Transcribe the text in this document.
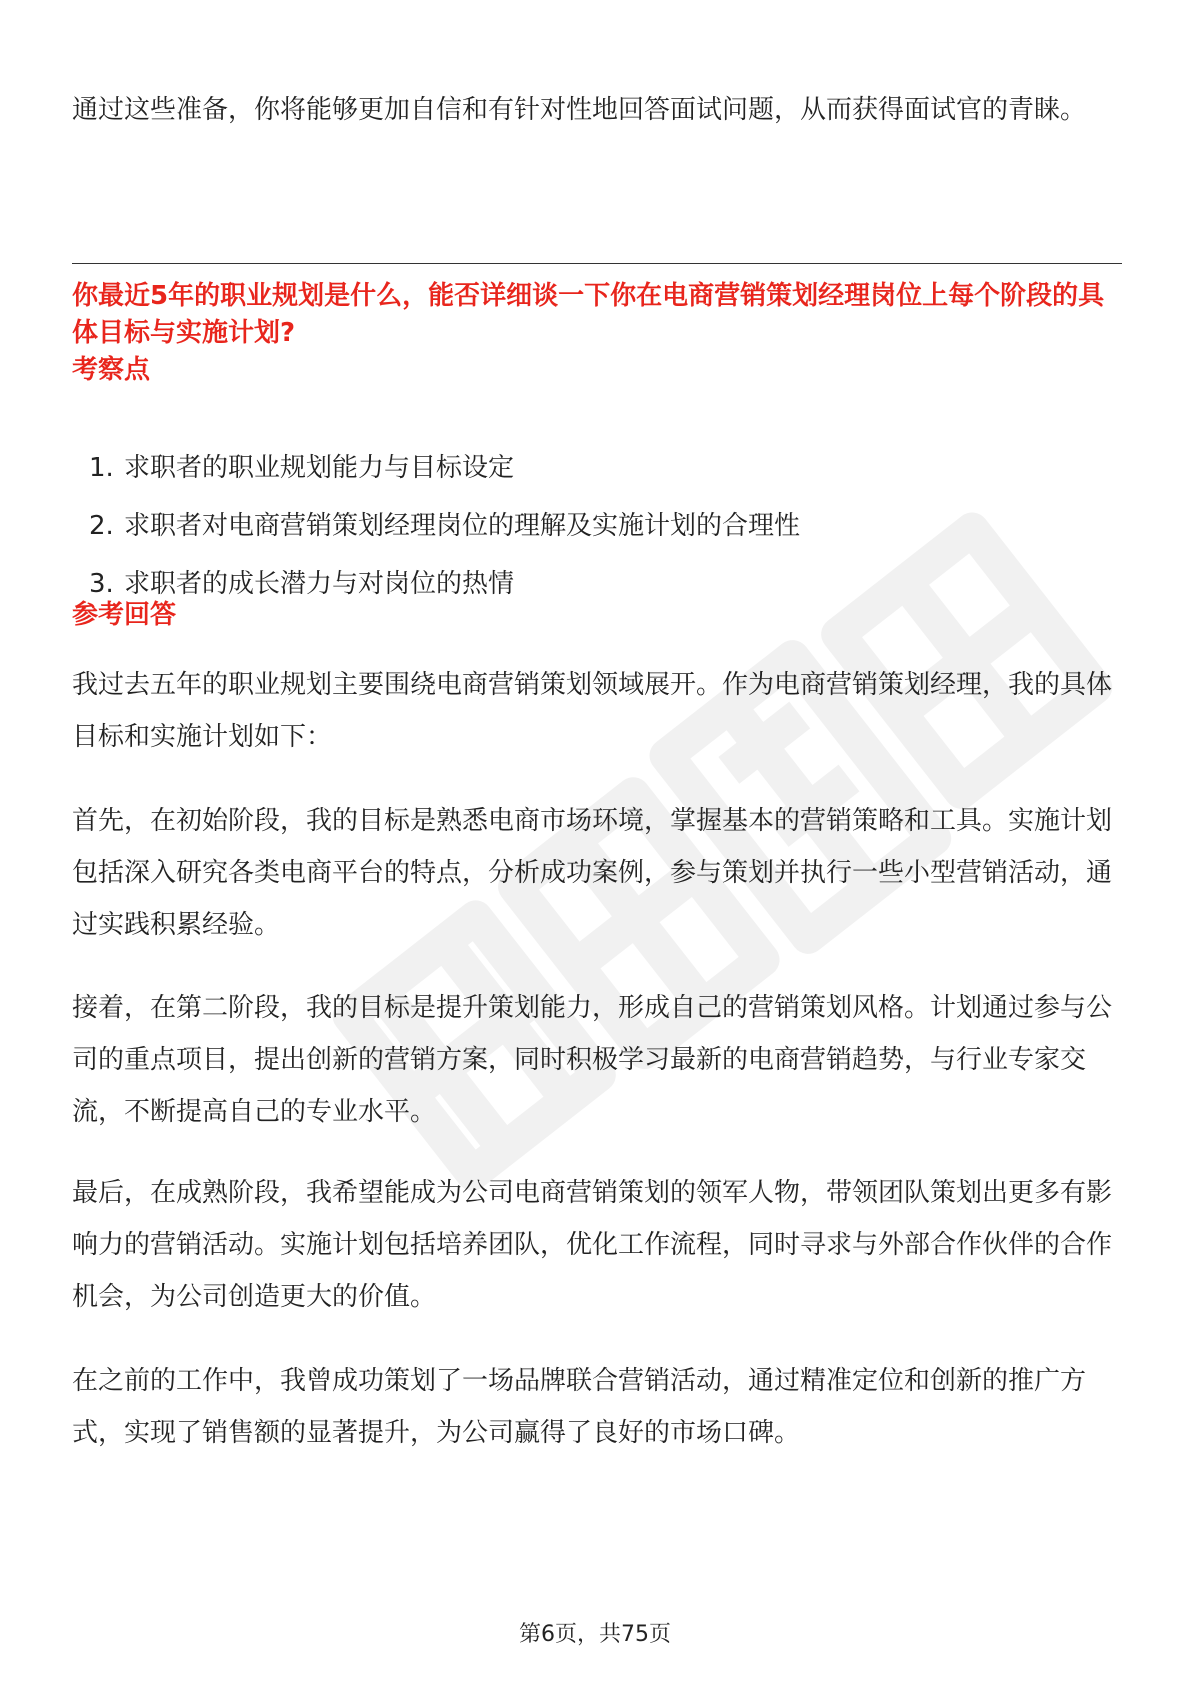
通过这些准备，你将能够更加自信和有针对性地回答面试问题，从而获得面试官的青睐。

你最近5年的职业规划是什么，能否详细谈一下你在电商营销策划经理岗位上每个阶段的具体目标与实施计划?

考察点

1. 求职者的职业规划能力与目标设定
2. 求职者对电商营销策划经理岗位的理解及实施计划的合理性
3. 求职者的成长潜力与对岗位的热情

参考回答

我过去五年的职业规划主要围绕电商营销策划领域展开。作为电商营销策划经理，我的具体目标和实施计划如下：

首先，在初始阶段，我的目标是熟悉电商市场环境，掌握基本的营销策略和工具。实施计划包括深入研究各类电商平台的特点，分析成功案例，参与策划并执行一些小型营销活动，通过实践积累经验。

接着，在第二阶段，我的目标是提升策划能力，形成自己的营销策划风格。计划通过参与公司的重点项目，提出创新的营销方案，同时积极学习最新的电商营销趋势，与行业专家交流，不断提高自己的专业水平。

最后，在成熟阶段，我希望能成为公司电商营销策划的领军人物，带领团队策划出更多有影响力的营销活动。实施计划包括培养团队，优化工作流程，同时寻求与外部合作伙伴的合作机会，为公司创造更大的价值。

在之前的工作中，我曾成功策划了一场品牌联合营销活动，通过精准定位和创新的推广方式，实现了销售额的显著提升，为公司赢得了良好的市场口碑。

第6页，共75页
